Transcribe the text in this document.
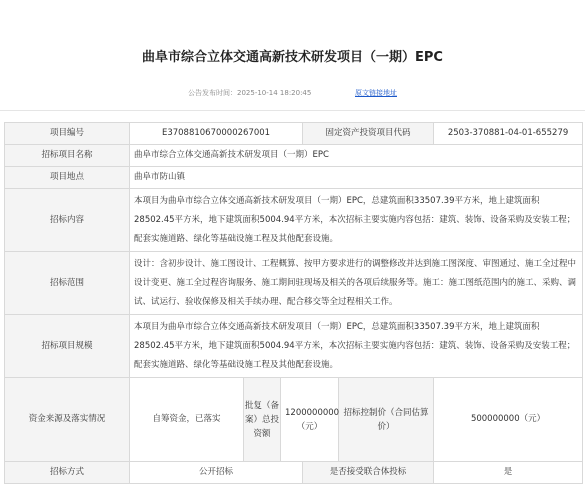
曲阜市综合立体交通高新技术研发项目（一期）EPC
公告发布时间：2025-10-14 18:20:45	原文链接地址
项目编号	E3708810670000267001			固定资产投资项目代码		2503-370881-04-01-655279
招标项目名称	曲阜市综合立体交通高新技术研发项目（一期）EPC					
项目地点	曲阜市防山镇					
招标内容	本项目为曲阜市综合立体交通高新技术研发项目（一期）EPC，总建筑面积33507.39平方米，地上建筑面积28502.45平方米，地下建筑面积5004.94平方米，本次招标主要实施内容包括：建筑、装饰、设备采购及安装工程；配套实施道路、绿化等基础设施工程及其他配套设施。					
招标范围	设计：含初步设计、施工图设计、工程概算、按甲方要求进行的调整修改并达到施工图深度、审图通过、施工全过程中设计变更、施工全过程咨询服务、施工期间驻现场及相关的各项后续服务等。施工：施工图纸范围内的施工、采购、调试、试运行、验收保修及相关手续办理、配合移交等全过程相关工作。					
招标项目规模	本项目为曲阜市综合立体交通高新技术研发项目（一期）EPC，总建筑面积33507.39平方米，地上建筑面积28502.45平方米，地下建筑面积5004.94平方米，本次招标主要实施内容包括：建筑、装饰、设备采购及安装工程；配套实施道路、绿化等基础设施工程及其他配套设施。					
资金来源及落实情况	自筹资金，已落实	批复（备案）总投资额	1200000000（元）		招标控制价（合同估算价）	500000000（元）
招标方式	公开招标			是否接受联合体投标		是
